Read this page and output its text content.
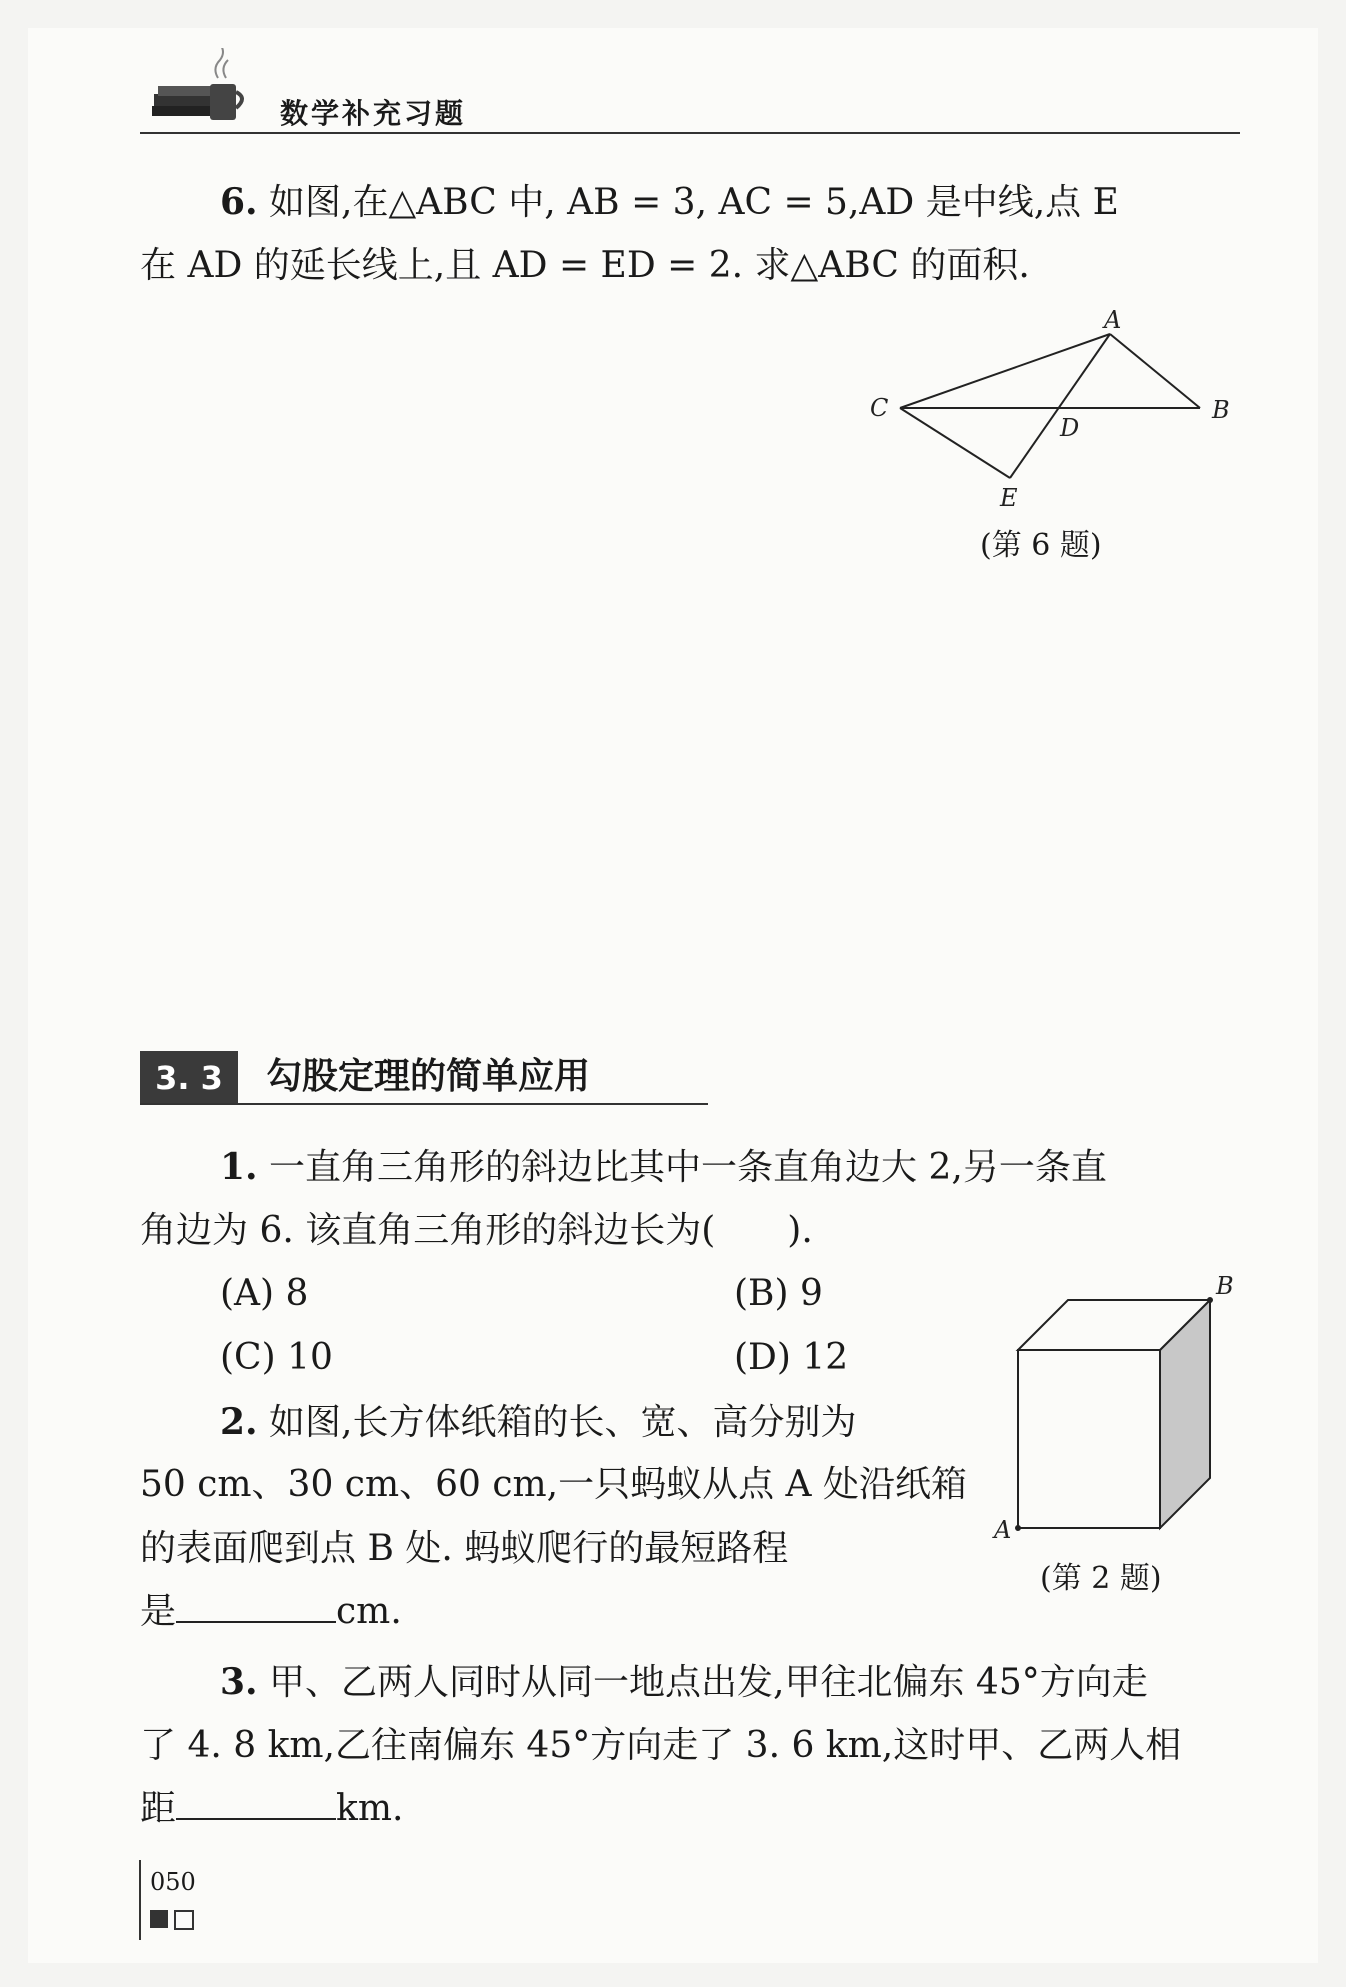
数学补充习题
6. 如图,在△ABC 中, AB = 3, AC = 5,AD 是中线,点 E
在 AD 的延长线上,且 AD = ED = 2. 求△ABC 的面积.
A
B
C
D
E
(第 6 题)
3. 3	勾股定理的简单应用
1. 一直角三角形的斜边比其中一条直角边大 2,另一条直
角边为 6. 该直角三角形的斜边长为(　　).
(A) 8	(B) 9
(C) 10	(D) 12
2. 如图,长方体纸箱的长、宽、高分别为
50 cm、30 cm、60 cm,一只蚂蚁从点 A 处沿纸箱
的表面爬到点 B 处. 蚂蚁爬行的最短路程
是	cm.
A
B
(第 2 题)
3. 甲、乙两人同时从同一地点出发,甲往北偏东 45°方向走
了 4. 8 km,乙往南偏东 45°方向走了 3. 6 km,这时甲、乙两人相
距	km.
050
